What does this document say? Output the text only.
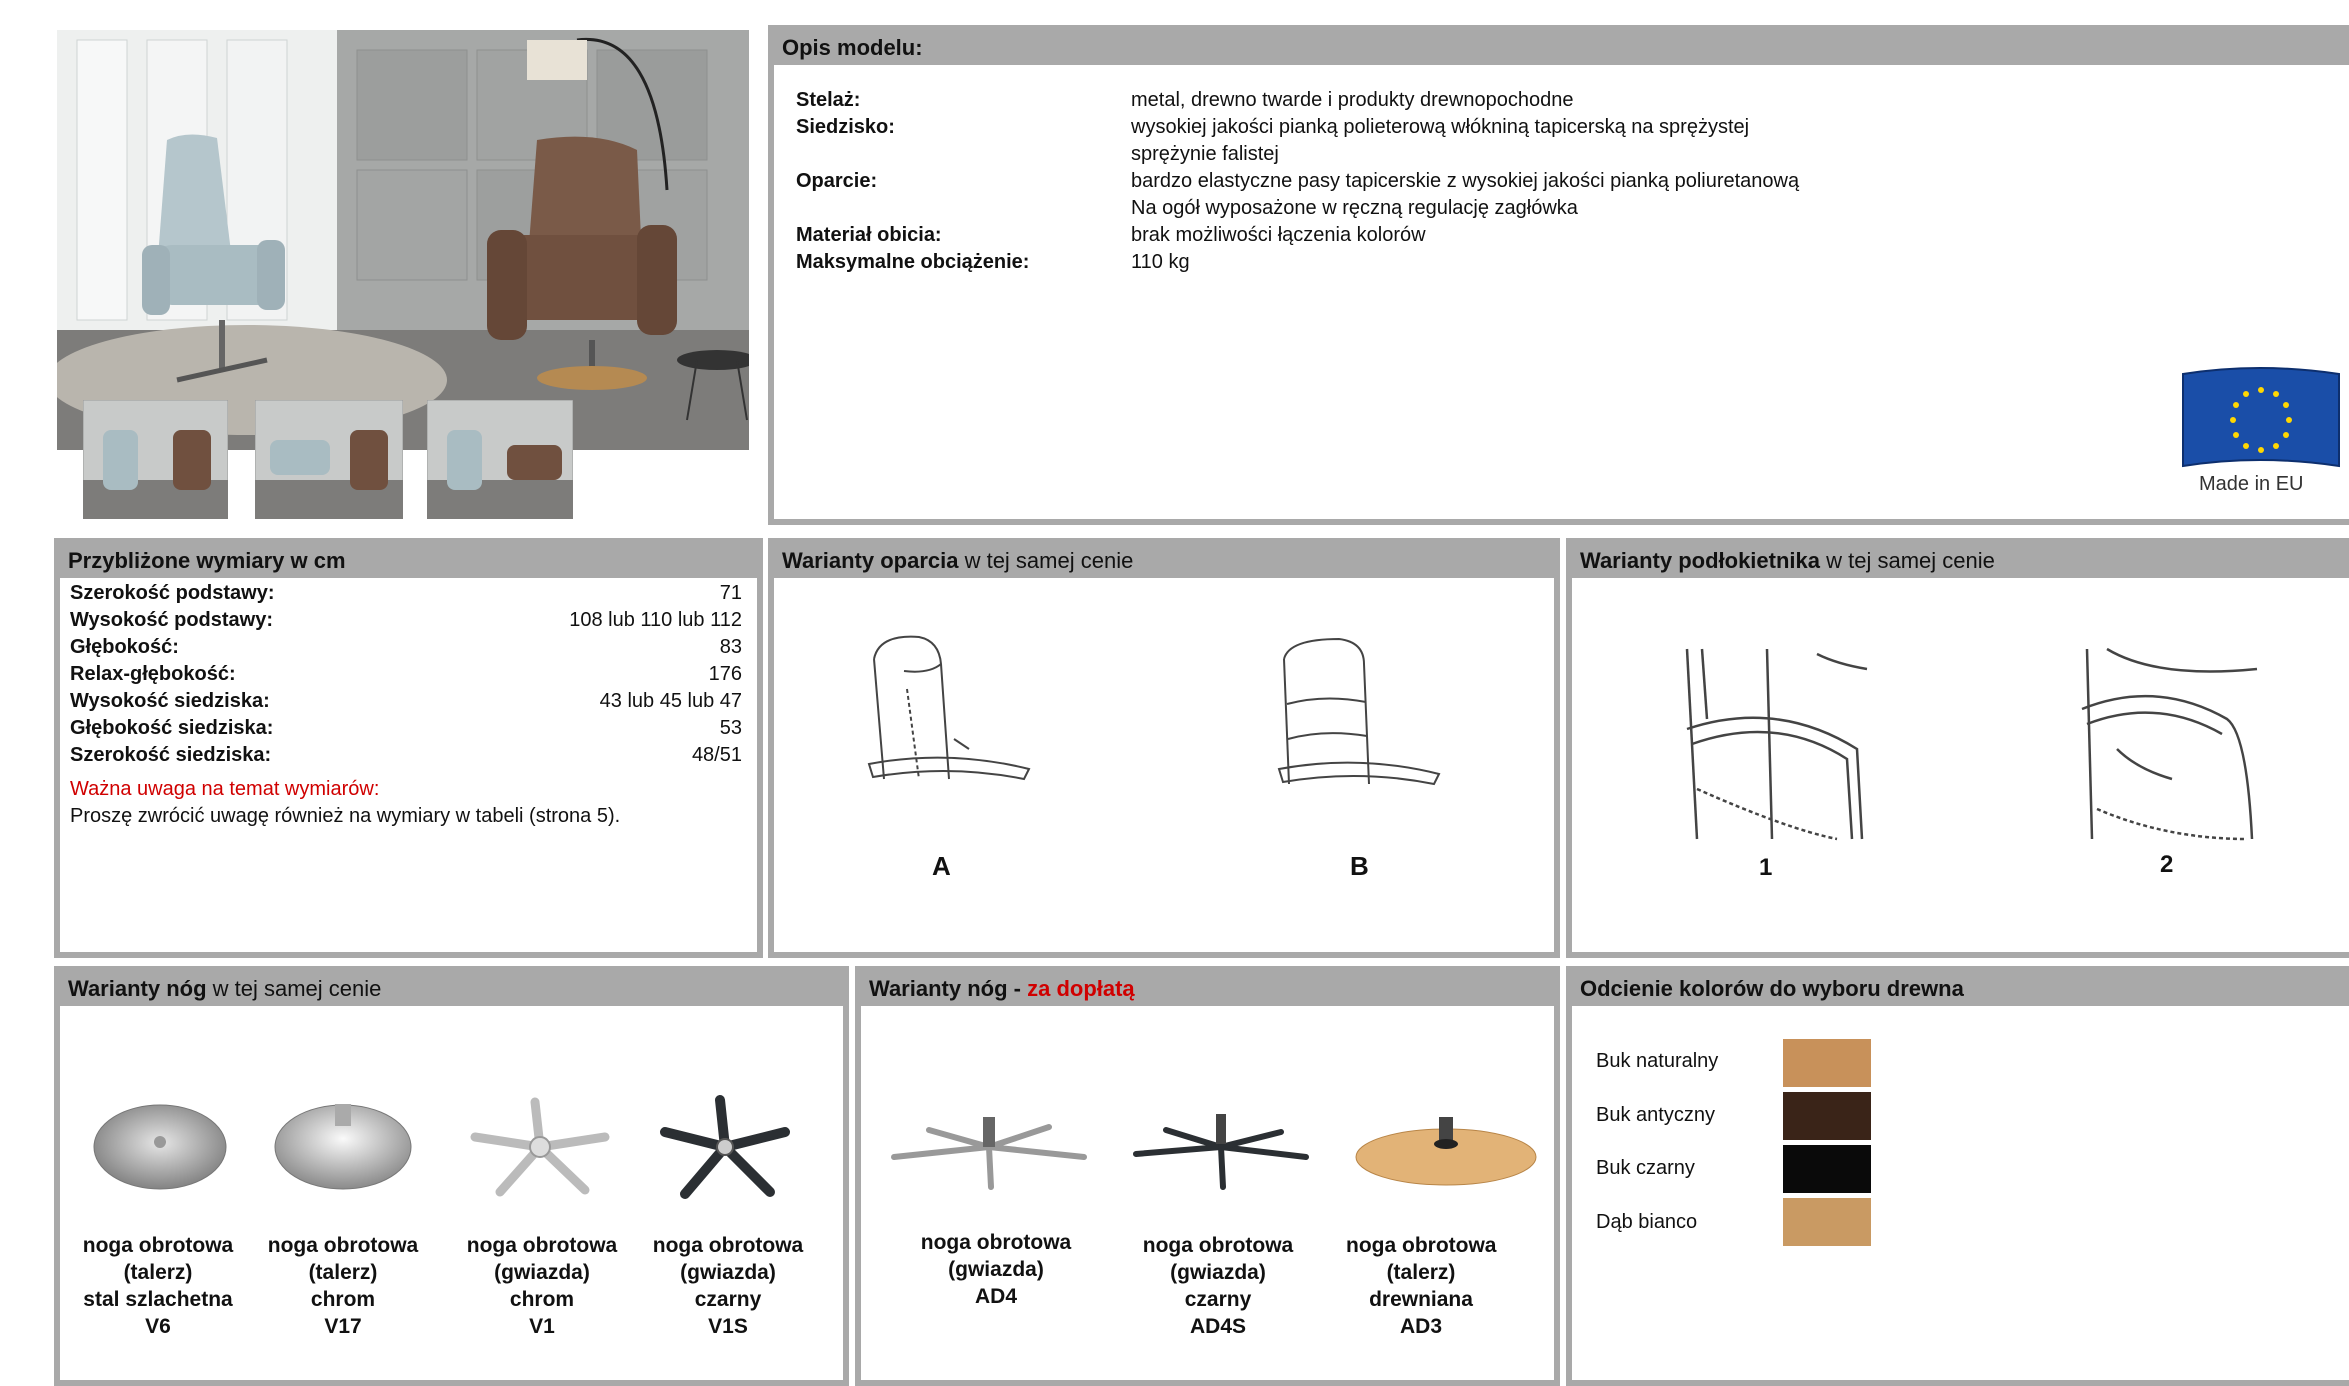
Opis modelu:
Stelaż:	metal, drewno twarde i produkty drewnopochodne
Siedzisko:	wysokiej jakości pianką polieterową włókniną tapicerską na sprężystej
sprężynie falistej
Oparcie:	bardzo elastyczne pasy tapicerskie z wysokiej jakości pianką poliuretanową
Na ogół wyposażone w ręczną regulację zagłówka
Materiał obicia:	brak możliwości łączenia kolorów
Maksymalne obciążenie:	110 kg
Made in EU
Przybliżone wymiary w cm
Szerokość podstawy:	71
Wysokość podstawy:	108 lub 110 lub 112
Głębokość:	83
Relax-głębokość:	176
Wysokość siedziska:	43 lub 45 lub 47
Głębokość siedziska:	53
Szerokość siedziska:	48/51
Ważna uwaga na temat wymiarów:
Proszę zwrócić uwagę również na wymiary w tabeli (strona 5).
Warianty oparcia w tej samej cenie
A	B
Warianty podłokietnika w tej samej cenie
1	2
Warianty nóg w tej samej cenie
noga obrotowa
(talerz)
stal szlachetna
V6
noga obrotowa
(talerz)
chrom
V17
noga obrotowa
(gwiazda)
chrom
V1
noga obrotowa
(gwiazda)
czarny
V1S
Warianty nóg - za dopłatą
noga obrotowa
(gwiazda)
AD4
noga obrotowa
(gwiazda)
czarny
AD4S
noga obrotowa
(talerz)
drewniana
AD3
Odcienie kolorów do wyboru drewna
Buk naturalny
Buk antyczny
Buk czarny
Dąb bianco
